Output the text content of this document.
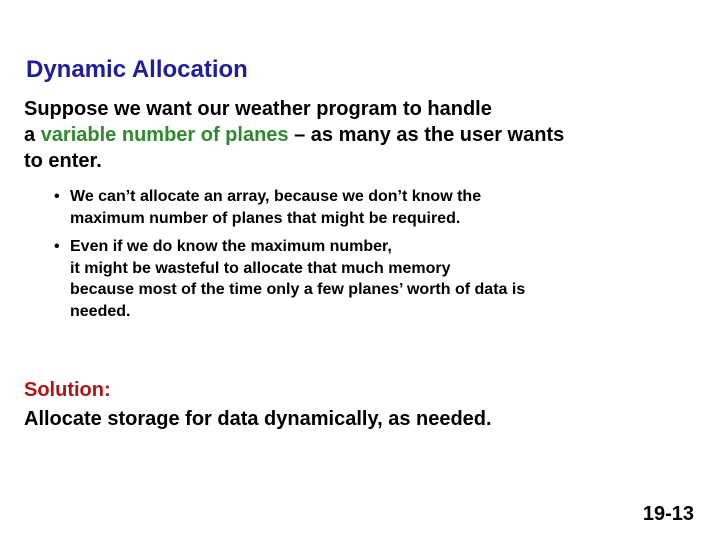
Dynamic Allocation
Suppose we want our weather program to handle
a variable number of planes – as many as the user wants
to enter.
• We can’t allocate an array, because we don’t know the
maximum number of planes that might be required.
• Even if we do know the maximum number,
it might be wasteful to allocate that much memory
because most of the time only a few planes’ worth of data is
needed.
Solution:
Allocate storage for data dynamically, as needed.
19-13
